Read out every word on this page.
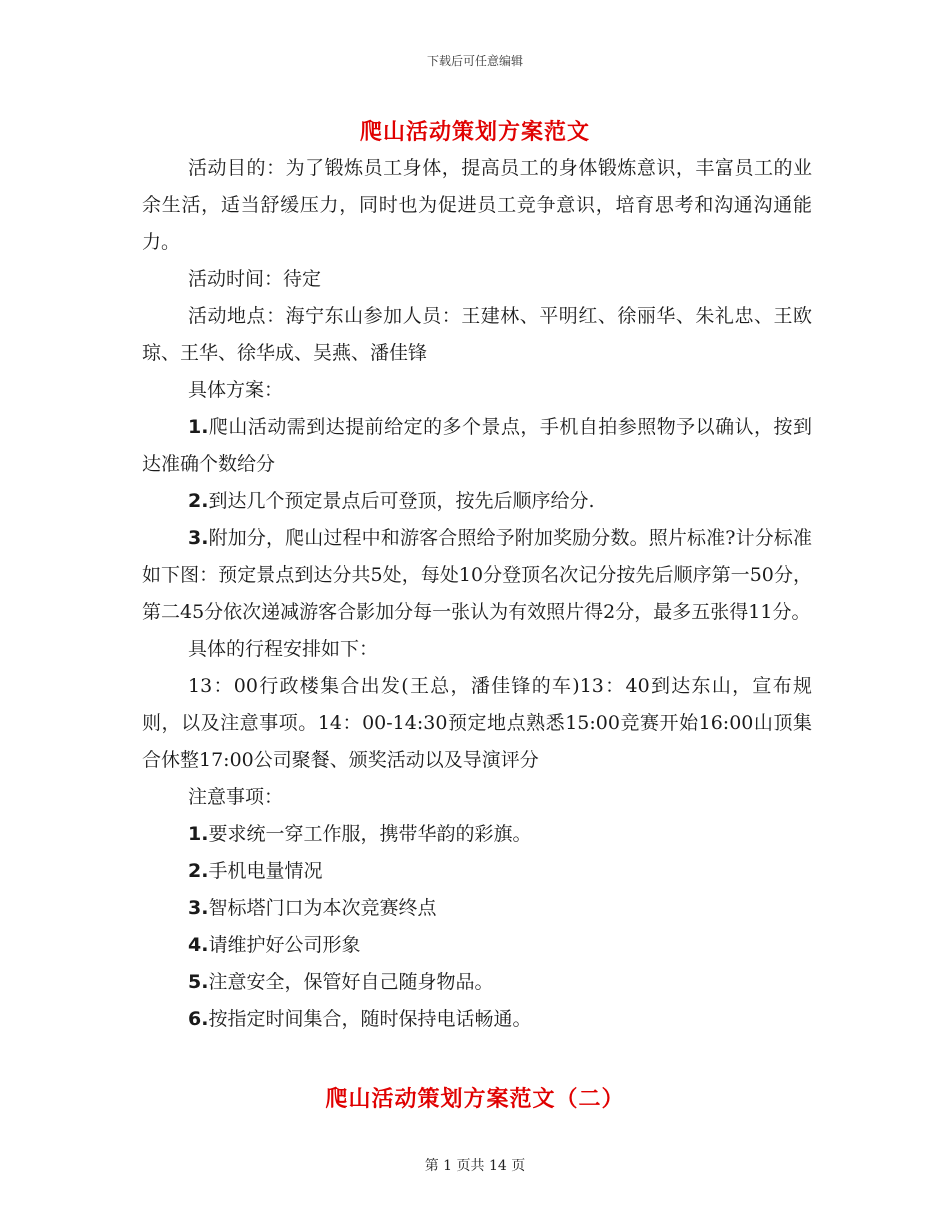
下载后可任意编辑
爬山活动策划方案范文

活动目的：为了锻炼员工身体，提高员工的身体锻炼意识，丰富员工的业余生活，适当舒缓压力，同时也为促进员工竞争意识，培育思考和沟通沟通能力。

活动时间：待定

活动地点：海宁东山参加人员：王建林、平明红、徐丽华、朱礼忠、王欧琼、王华、徐华成、吴燕、潘佳锋

具体方案：

1.爬山活动需到达提前给定的多个景点，手机自拍参照物予以确认，按到达准确个数给分

2.到达几个预定景点后可登顶，按先后顺序给分.

3.附加分，爬山过程中和游客合照给予附加奖励分数。照片标准?计分标准如下图：预定景点到达分共5处，每处10分登顶名次记分按先后顺序第一50分，第二45分依次递减游客合影加分每一张认为有效照片得2分，最多五张得11分。

具体的行程安排如下：

13：00行政楼集合出发(王总，潘佳锋的车)13：40到达东山，宣布规则，以及注意事项。14：00-14:30预定地点熟悉15:00竞赛开始16:00山顶集合休整17:00公司聚餐、颁奖活动以及导演评分

注意事项：

1.要求统一穿工作服，携带华韵的彩旗。

2.手机电量情况

3.智标塔门口为本次竞赛终点

4.请维护好公司形象

5.注意安全，保管好自己随身物品。

6.按指定时间集合，随时保持电话畅通。

爬山活动策划方案范文（二）
第 1 页共 14 页
